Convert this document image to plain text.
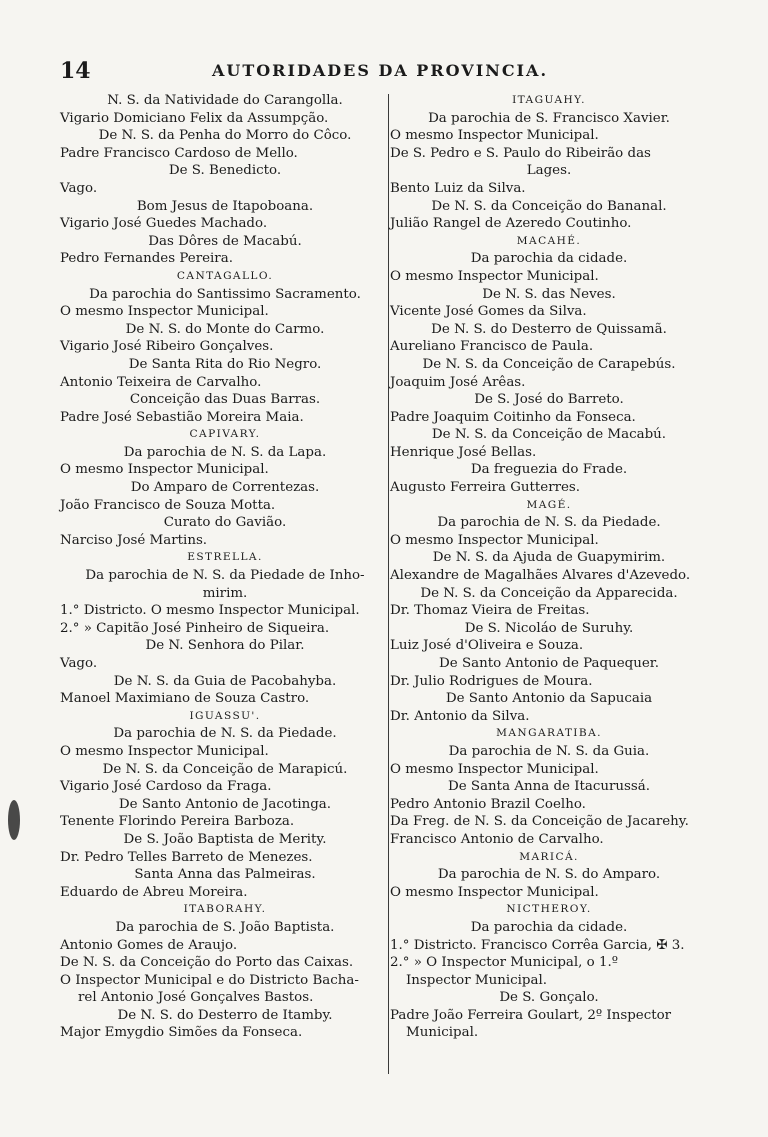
14	AUTORIDADES DA PROVINCIA.
N. S. da Natividade do Carangolla.
Vigario Domiciano Felix da Assumpção.
De N. S. da Penha do Morro do Côco.
Padre Francisco Cardoso de Mello.
De S. Benedicto.
Vago.
Bom Jesus de Itapoboana.
Vigario José Guedes Machado.
Das Dôres de Macabú.
Pedro Fernandes Pereira.
CANTAGALLO.
Da parochia do Santissimo Sacramento.
O mesmo Inspector Municipal.
De N. S. do Monte do Carmo.
Vigario José Ribeiro Gonçalves.
De Santa Rita do Rio Negro.
Antonio Teixeira de Carvalho.
Conceição das Duas Barras.
Padre José Sebastião Moreira Maia.
CAPIVARY.
Da parochia de N. S. da Lapa.
O mesmo Inspector Municipal.
Do Amparo de Correntezas.
João Francisco de Souza Motta.
Curato do Gavião.
Narciso José Martins.
ESTRELLA.
Da parochia de N. S. da Piedade de Inho-
mirim.
1.° Districto. O mesmo Inspector Municipal.
2.° » Capitão José Pinheiro de Siqueira.
De N. Senhora do Pilar.
Vago.
De N. S. da Guia de Pacobahyba.
Manoel Maximiano de Souza Castro.
IGUASSU'.
Da parochia de N. S. da Piedade.
O mesmo Inspector Municipal.
De N. S. da Conceição de Marapicú.
Vigario José Cardoso da Fraga.
De Santo Antonio de Jacotinga.
Tenente Florindo Pereira Barboza.
De S. João Baptista de Merity.
Dr. Pedro Telles Barreto de Menezes.
Santa Anna das Palmeiras.
Eduardo de Abreu Moreira.
ITABORAHY.
Da parochia de S. João Baptista.
Antonio Gomes de Araujo.
De N. S. da Conceição do Porto das Caixas.
O Inspector Municipal e do Districto Bacha-
rel Antonio José Gonçalves Bastos.
De N. S. do Desterro de Itamby.
Major Emygdio Simões da Fonseca.
ITAGUAHY.
Da parochia de S. Francisco Xavier.
O mesmo Inspector Municipal.
De S. Pedro e S. Paulo do Ribeirão das
Lages.
Bento Luiz da Silva.
De N. S. da Conceição do Bananal.
Julião Rangel de Azeredo Coutinho.
MACAHÉ.
Da parochia da cidade.
O mesmo Inspector Municipal.
De N. S. das Neves.
Vicente José Gomes da Silva.
De N. S. do Desterro de Quissamã.
Aureliano Francisco de Paula.
De N. S. da Conceição de Carapebús.
Joaquim José Arêas.
De S. José do Barreto.
Padre Joaquim Coitinho da Fonseca.
De N. S. da Conceição de Macabú.
Henrique José Bellas.
Da freguezia do Frade.
Augusto Ferreira Gutterres.
MAGÉ.
Da parochia de N. S. da Piedade.
O mesmo Inspector Municipal.
De N. S. da Ajuda de Guapymirim.
Alexandre de Magalhães Alvares d'Azevedo.
De N. S. da Conceição da Apparecida.
Dr. Thomaz Vieira de Freitas.
De S. Nicoláo de Suruhy.
Luiz José d'Oliveira e Souza.
De Santo Antonio de Paquequer.
Dr. Julio Rodrigues de Moura.
De Santo Antonio da Sapucaia
Dr. Antonio da Silva.
MANGARATIBA.
Da parochia de N. S. da Guia.
O mesmo Inspector Municipal.
De Santa Anna de Itacurussá.
Pedro Antonio Brazil Coelho.
Da Freg. de N. S. da Conceição de Jacarehy.
Francisco Antonio de Carvalho.
MARICÁ.
Da parochia de N. S. do Amparo.
O mesmo Inspector Municipal.
NICTHEROY.
Da parochia da cidade.
1.° Districto. Francisco Corrêa Garcia, ✠ 3.
2.° » O Inspector Municipal, o 1.º
Inspector Municipal.
De S. Gonçalo.
Padre João Ferreira Goulart, 2º Inspector
Municipal.
